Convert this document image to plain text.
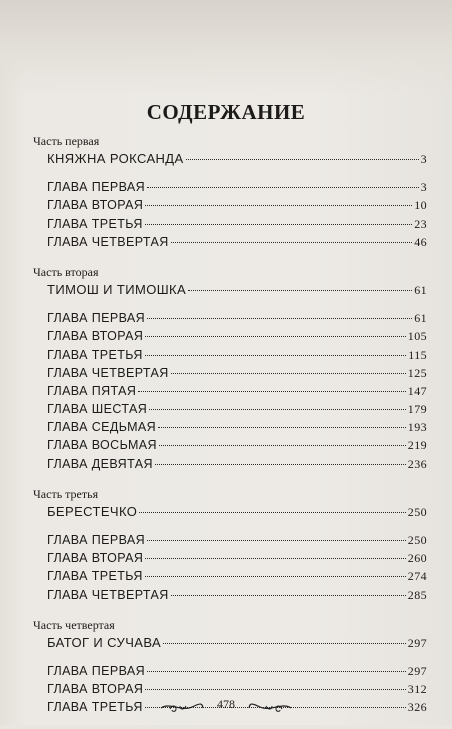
СОДЕРЖАНИЕ
Часть первая
КНЯЖНА РОКСАНДА	3
ГЛАВА ПЕРВАЯ	3
ГЛАВА ВТОРАЯ	10
ГЛАВА ТРЕТЬЯ	23
ГЛАВА ЧЕТВЕРТАЯ	46
Часть вторая
ТИМОШ И ТИМОШКА	61
ГЛАВА ПЕРВАЯ	61
ГЛАВА ВТОРАЯ	105
ГЛАВА ТРЕТЬЯ	115
ГЛАВА ЧЕТВЕРТАЯ	125
ГЛАВА ПЯТАЯ	147
ГЛАВА ШЕСТАЯ	179
ГЛАВА СЕДЬМАЯ	193
ГЛАВА ВОСЬМАЯ	219
ГЛАВА ДЕВЯТАЯ	236
Часть третья
БЕРЕСТЕЧКО	250
ГЛАВА ПЕРВАЯ	250
ГЛАВА ВТОРАЯ	260
ГЛАВА ТРЕТЬЯ	274
ГЛАВА ЧЕТВЕРТАЯ	285
Часть четвертая
БАТОГ И СУЧАВА	297
ГЛАВА ПЕРВАЯ	297
ГЛАВА ВТОРАЯ	312
ГЛАВА ТРЕТЬЯ	326
478
